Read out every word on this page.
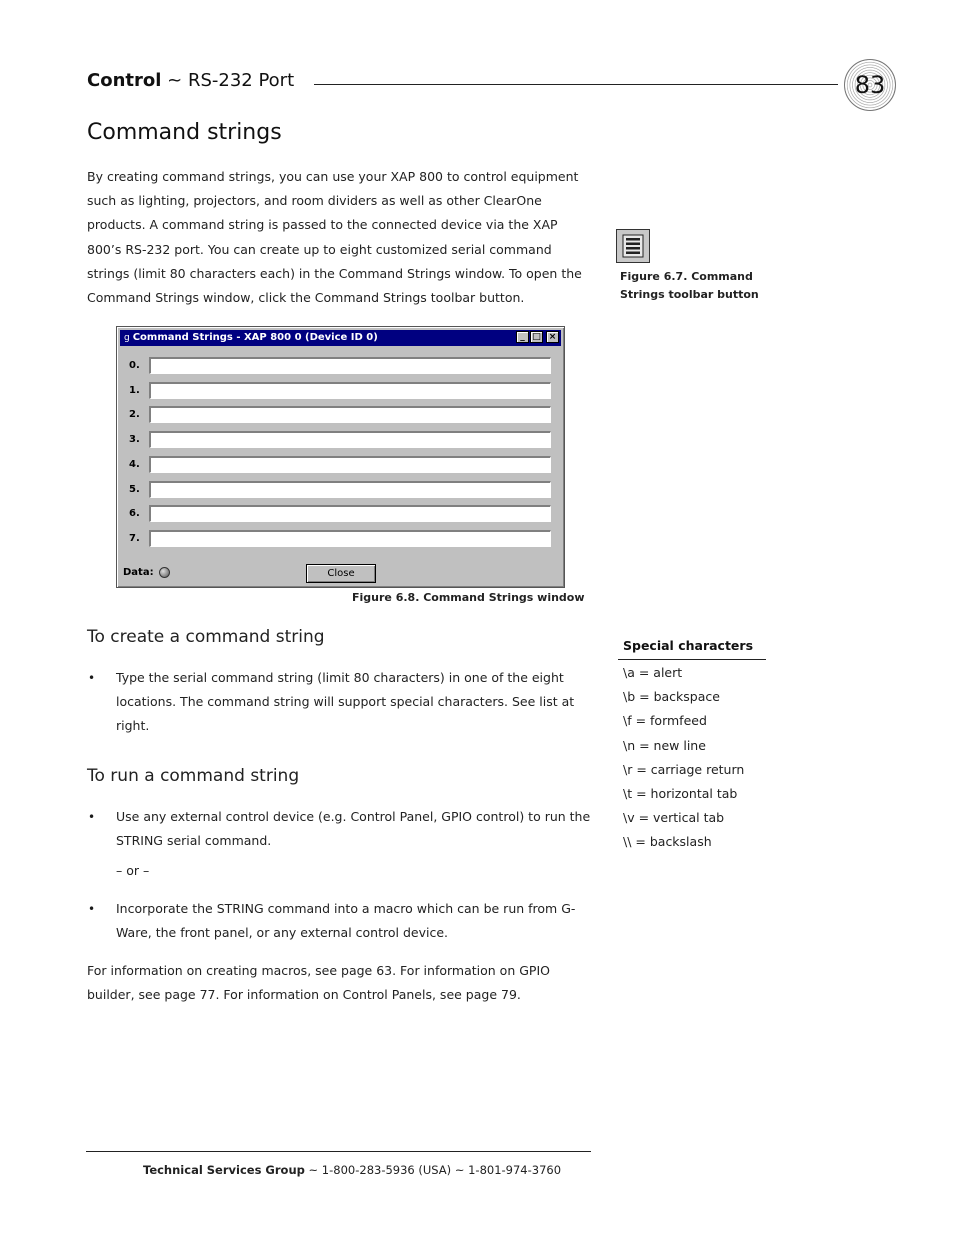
Control ~ RS-232 Port	83
Command strings
By creating command strings, you can use your XAP 800 to control equipment such as lighting, projectors, and room dividers as well as other ClearOne products. A command string is passed to the connected device via the XAP 800’s RS-232 port. You can create up to eight customized serial command strings (limit 80 characters each) in the Command Strings window. To open the Command Strings window, click the Command Strings toolbar button.
Figure 6.7. Command Strings toolbar button
g Command Strings - XAP 800 0 (Device ID 0)	_ □ ×
0.
1.
2.
3.
4.
5.
6.
7.
Data:	Close
Figure 6.8. Command Strings window
To create a command string
• Type the serial command string (limit 80 characters) in one of the eight locations. The command string will support special characters. See list at right.
To run a command string
• Use any external control device (e.g. Control Panel, GPIO control) to run the STRING serial command.
– or –
• Incorporate the STRING command into a macro which can be run from G-Ware, the front panel, or any external control device.
For information on creating macros, see page 63. For information on GPIO builder, see page 77. For information on Control Panels, see page 79.
Special characters
\a = alert
\b = backspace
\f = formfeed
\n = new line
\r = carriage return
\t = horizontal tab
\v = vertical tab
\\ = backslash
Technical Services Group ~ 1-800-283-5936 (USA) ~ 1-801-974-3760
